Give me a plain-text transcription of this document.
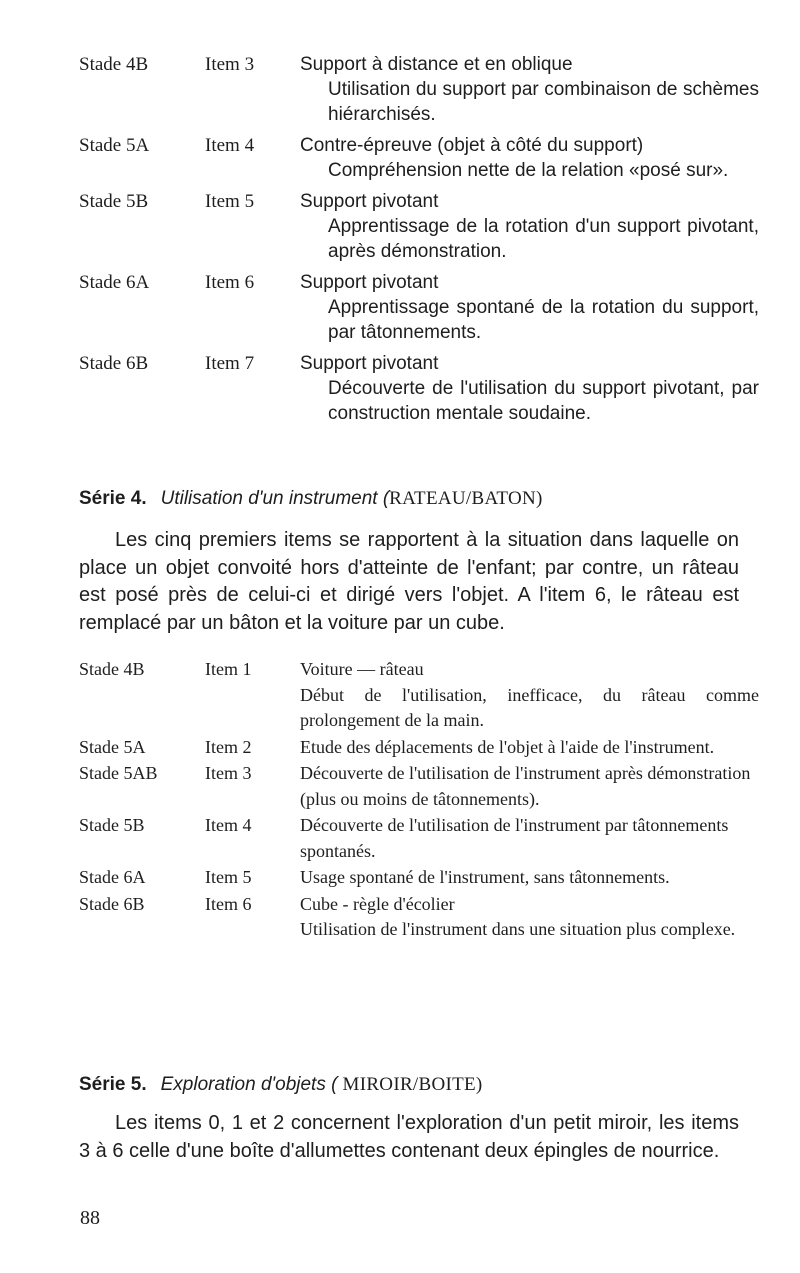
Stade 4B	Item 3	Support à distance et en oblique
Utilisation du support par combinaison de schèmes hiérarchisés.
Stade 5A	Item 4	Contre-épreuve (objet à côté du support)
Compréhension nette de la relation «posé sur».
Stade 5B	Item 5	Support pivotant
Apprentissage de la rotation d'un support pivotant, après démonstration.
Stade 6A	Item 6	Support pivotant
Apprentissage spontané de la rotation du support, par tâtonnements.
Stade 6B	Item 7	Support pivotant
Découverte de l'utilisation du support pivotant, par construction mentale soudaine.
Série 4. Utilisation d'un instrument (RATEAU/BATON)
Les cinq premiers items se rapportent à la situation dans laquelle on place un objet convoité hors d'atteinte de l'enfant; par contre, un râteau est posé près de celui-ci et dirigé vers l'objet. A l'item 6, le râteau est remplacé par un bâton et la voiture par un cube.
Stade 4B	Item 1	Voiture — râteau
Début de l'utilisation, inefficace, du râteau comme prolongement de la main.
Stade 5A	Item 2	Etude des déplacements de l'objet à l'aide de l'instrument.
Stade 5AB	Item 3	Découverte de l'utilisation de l'instrument après démonstration (plus ou moins de tâtonnements).
Stade 5B	Item 4	Découverte de l'utilisation de l'instrument par tâtonnements spontanés.
Stade 6A	Item 5	Usage spontané de l'instrument, sans tâtonnements.
Stade 6B	Item 6	Cube - règle d'écolier
Utilisation de l'instrument dans une situation plus complexe.
Série 5. Exploration d'objets ( MIROIR/BOITE)
Les items 0, 1 et 2 concernent l'exploration d'un petit miroir, les items 3 à 6 celle d'une boîte d'allumettes contenant deux épingles de nourrice.
88
